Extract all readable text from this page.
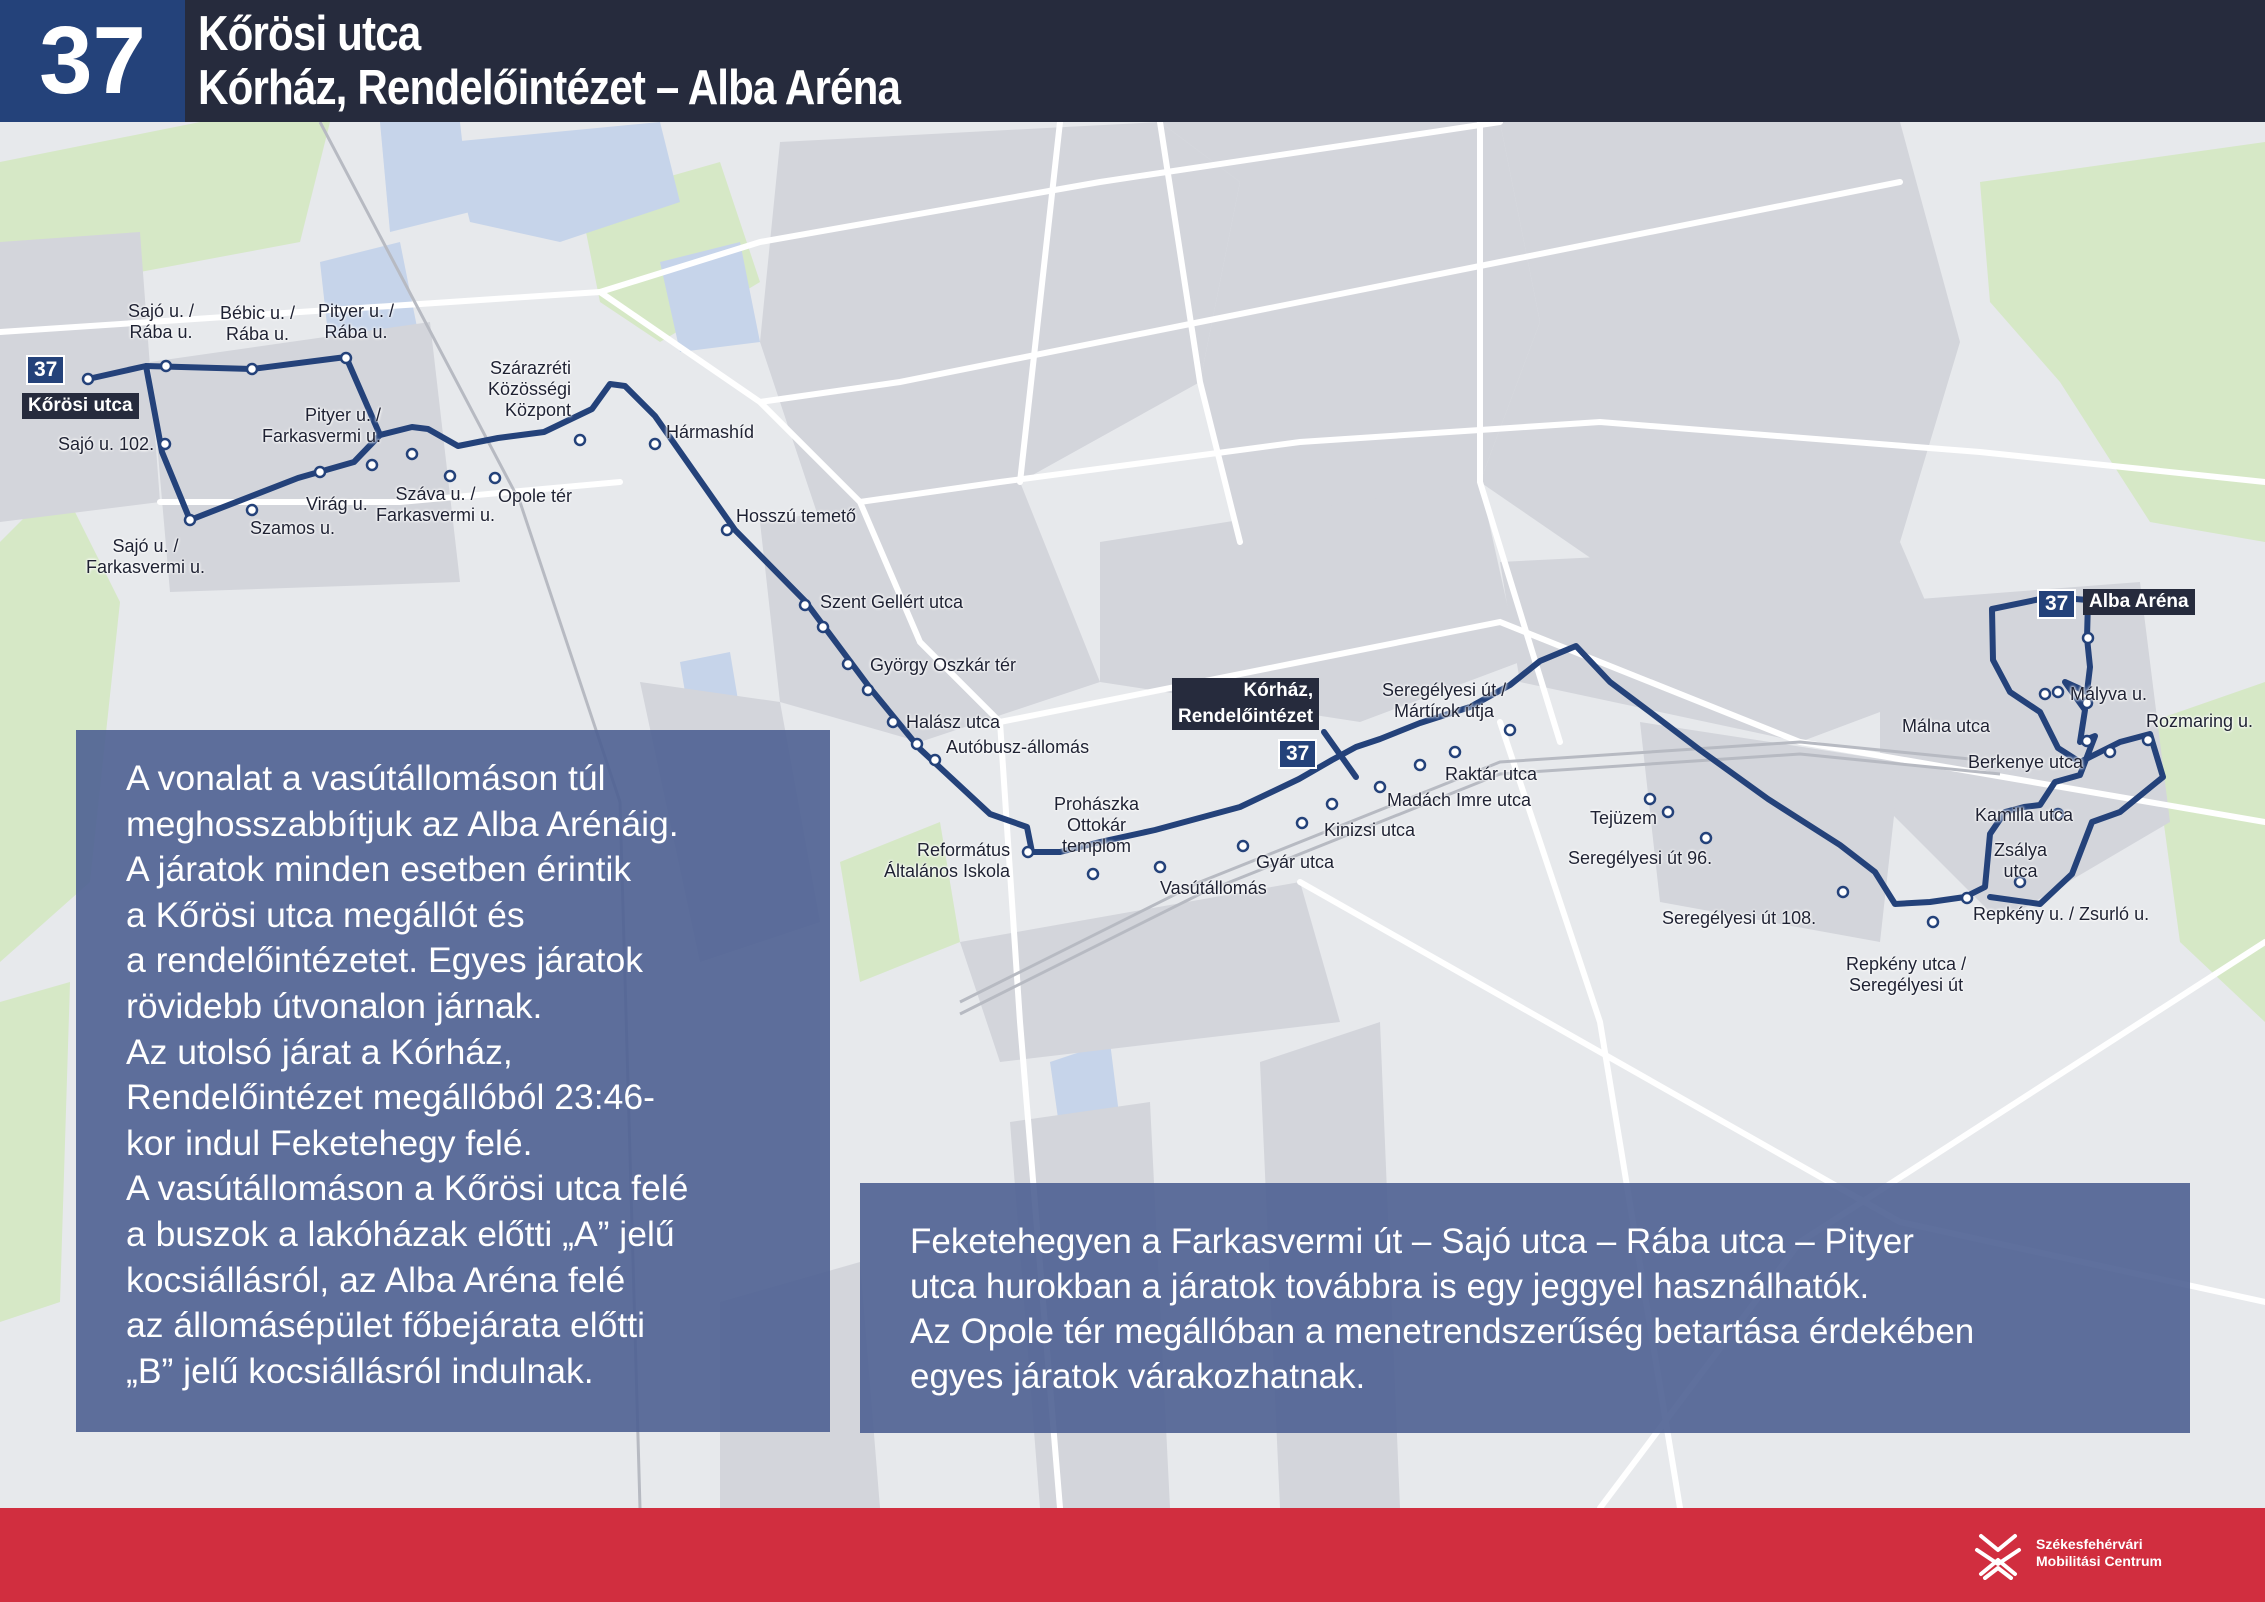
37	Kőrösi utca
Kórház, Rendelőintézet – Alba Aréna
37
Kőrösi utca
37	Alba Aréna
Kórház,
Rendelőintézet
37
Sajó u. /
Rába u.
Bébic u. /
Rába u.
Pityer u. /
Rába u.
Sajó u. 102.
Pityer u. /
Farkasvermi u.
Virág u.
Szamos u.
Sajó u. /
Farkasvermi u.
Száva u. /
Farkasvermi u.
Opole tér
Szárazréti
Közösségi
Központ
Hármashíd
Hosszú temető
Szent Gellért utca
György Oszkár tér
Halász utca
Autóbusz-állomás
Prohászka
Ottokár
templom
Református
Általános Iskola
Vasútállomás
Gyár utca
Kinizsi utca
Madách Imre utca
Raktár utca
Seregélyesi út /
Mártírok útja
Tejüzem
Seregélyesi út 96.
Seregélyesi út 108.
Repkény utca /
Seregélyesi út
Repkény u. / Zsurló u.
Zsálya
utca
Kamilla utca
Berkenye utca
Málna utca
Mályva u.
Rozmaring u.
A vonalat a vasútállomáson túl
meghosszabbítjuk az Alba Arénáig.
A járatok minden esetben érintik
a Kőrösi utca megállót és
a rendelőintézetet. Egyes járatok
rövidebb útvonalon járnak.
Az utolsó járat a Kórház,
Rendelőintézet megállóból 23:46-
kor indul Feketehegy felé.
A vasútállomáson a Kőrösi utca felé
a buszok a lakóházak előtti „A” jelű
kocsiállásról, az Alba Aréna felé
az állomásépület főbejárata előtti
„B” jelű kocsiállásról indulnak.
Feketehegyen a Farkasvermi út – Sajó utca – Rába utca – Pityer
utca hurokban a járatok továbbra is egy jeggyel használhatók.
Az Opole tér megállóban a menetrendszerűség betartása érdekében
egyes járatok várakozhatnak.
Székesfehérvári
Mobilitási Centrum
